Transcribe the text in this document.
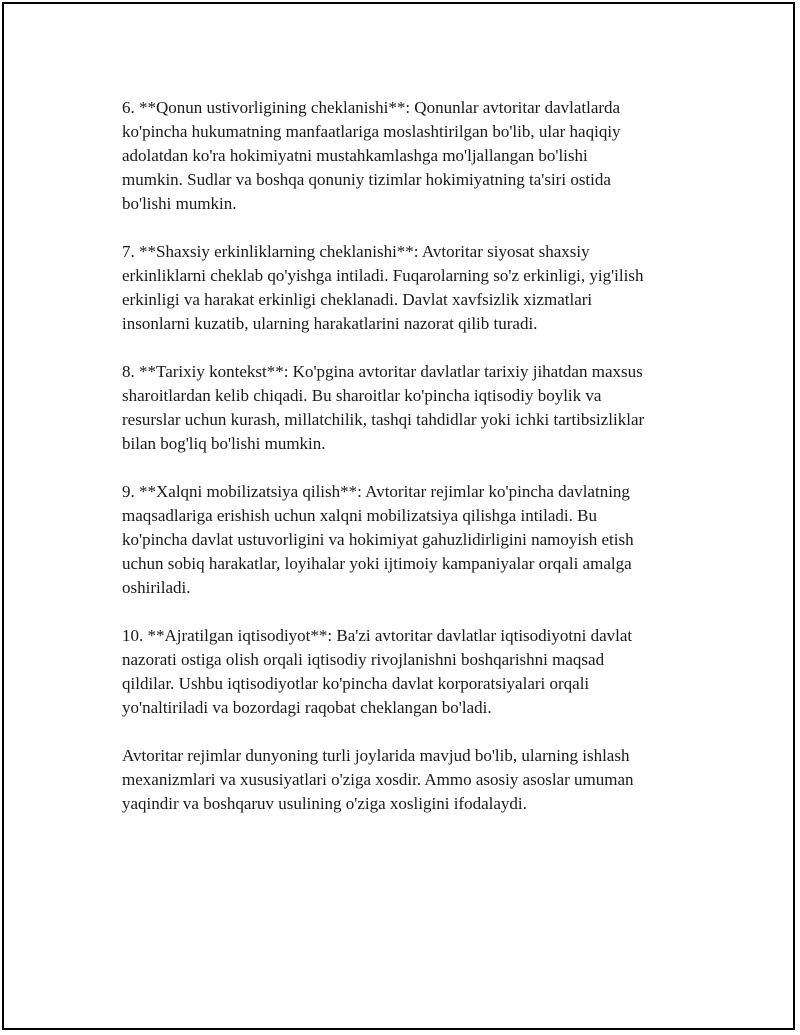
6. **Qonun ustivorligining cheklanishi**: Qonunlar avtoritar davlatlarda
ko'pincha hukumatning manfaatlariga moslashtirilgan bo'lib, ular haqiqiy
adolatdan ko'ra hokimiyatni mustahkamlashga mo'ljallangan bo'lishi
mumkin. Sudlar va boshqa qonuniy tizimlar hokimiyatning ta'siri ostida
bo'lishi mumkin.

7. **Shaxsiy erkinliklarning cheklanishi**: Avtoritar siyosat shaxsiy
erkinliklarni cheklab qo'yishga intiladi. Fuqarolarning so'z erkinligi, yig'ilish
erkinligi va harakat erkinligi cheklanadi. Davlat xavfsizlik xizmatlari
insonlarni kuzatib, ularning harakatlarini nazorat qilib turadi.

8. **Tarixiy kontekst**: Ko'pgina avtoritar davlatlar tarixiy jihatdan maxsus
sharoitlardan kelib chiqadi. Bu sharoitlar ko'pincha iqtisodiy boylik va
resurslar uchun kurash, millatchilik, tashqi tahdidlar yoki ichki tartibsizliklar
bilan bog'liq bo'lishi mumkin.

9. **Xalqni mobilizatsiya qilish**: Avtoritar rejimlar ko'pincha davlatning
maqsadlariga erishish uchun xalqni mobilizatsiya qilishga intiladi. Bu
ko'pincha davlat ustuvorligini va hokimiyat gahuzlidirligini namoyish etish
uchun sobiq harakatlar, loyihalar yoki ijtimoiy kampaniyalar orqali amalga
oshiriladi.

10. **Ajratilgan iqtisodiyot**: Ba'zi avtoritar davlatlar iqtisodiyotni davlat
nazorati ostiga olish orqali iqtisodiy rivojlanishni boshqarishni maqsad
qildilar. Ushbu iqtisodiyotlar ko'pincha davlat korporatsiyalari orqali
yo'naltiriladi va bozordagi raqobat cheklangan bo'ladi.

Avtoritar rejimlar dunyoning turli joylarida mavjud bo'lib, ularning ishlash
mexanizmlari va xususiyatlari o'ziga xosdir. Ammo asosiy asoslar umuman
yaqindir va boshqaruv usulining o'ziga xosligini ifodalaydi.
